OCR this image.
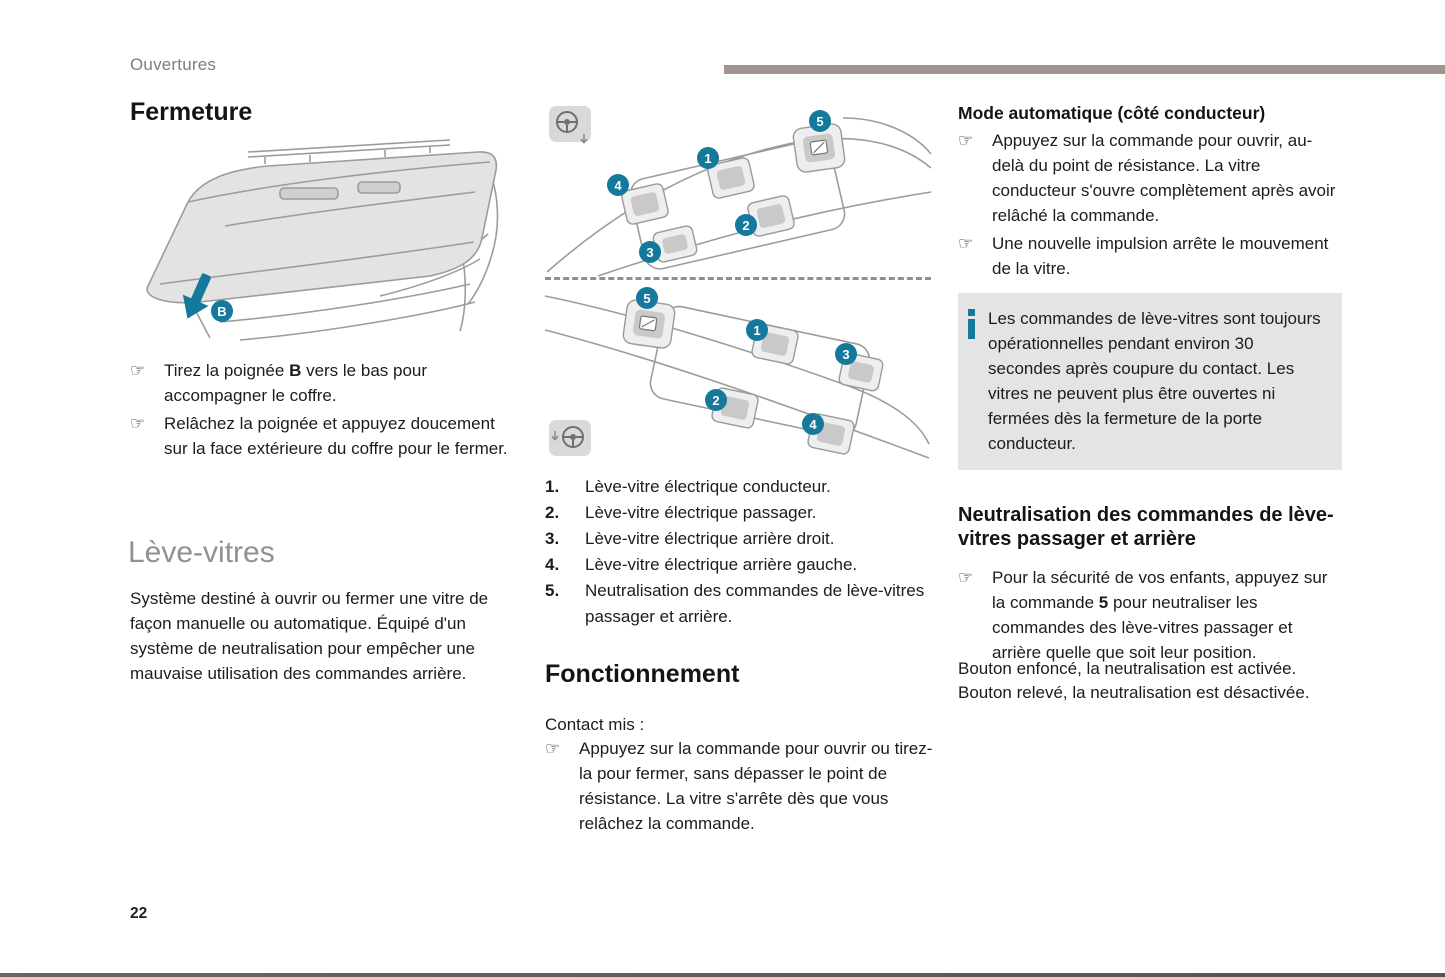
Ouvertures
Fermeture
B
☞	Tirez la poignée B vers le bas pour accompagner le coffre.

☞	Relâchez la poignée et appuyez doucement sur la face extérieure du coffre pour le fermer.

Lève-vitres

Système destiné à ouvrir ou fermer une vitre de façon manuelle ou automatique. Équipé d'un système de neutralisation pour empêcher une mauvaise utilisation des commandes arrière.

22
1
2
3
4
5
5
1
3
2
4
1.	Lève-vitre électrique conducteur.
2.	Lève-vitre électrique passager.
3.	Lève-vitre électrique arrière droit.
4.	Lève-vitre électrique arrière gauche.
5.	Neutralisation des commandes de lève-vitres passager et arrière.
Fonctionnement

Contact mis :

☞	Appuyez sur la commande pour ouvrir ou tirez-la pour fermer, sans dépasser le point de résistance. La vitre s'arrête dès que vous relâchez la commande.

Mode automatique (côté conducteur)
☞	Appuyez sur la commande pour ouvrir, au-delà du point de résistance. La vitre conducteur s'ouvre complètement après avoir relâché la commande.

☞	Une nouvelle impulsion arrête le mouvement de la vitre.

Les commandes de lève-vitres sont toujours opérationnelles pendant environ 30 secondes après coupure du contact. Les vitres ne peuvent plus être ouvertes ni fermées dès la fermeture de la porte conducteur.

Neutralisation des commandes de lève-vitres passager et arrière
☞	Pour la sécurité de vos enfants, appuyez sur la commande 5 pour neutraliser les commandes des lève-vitres passager et arrière quelle que soit leur position.

Bouton enfoncé, la neutralisation est activée.

Bouton relevé, la neutralisation est désactivée.
